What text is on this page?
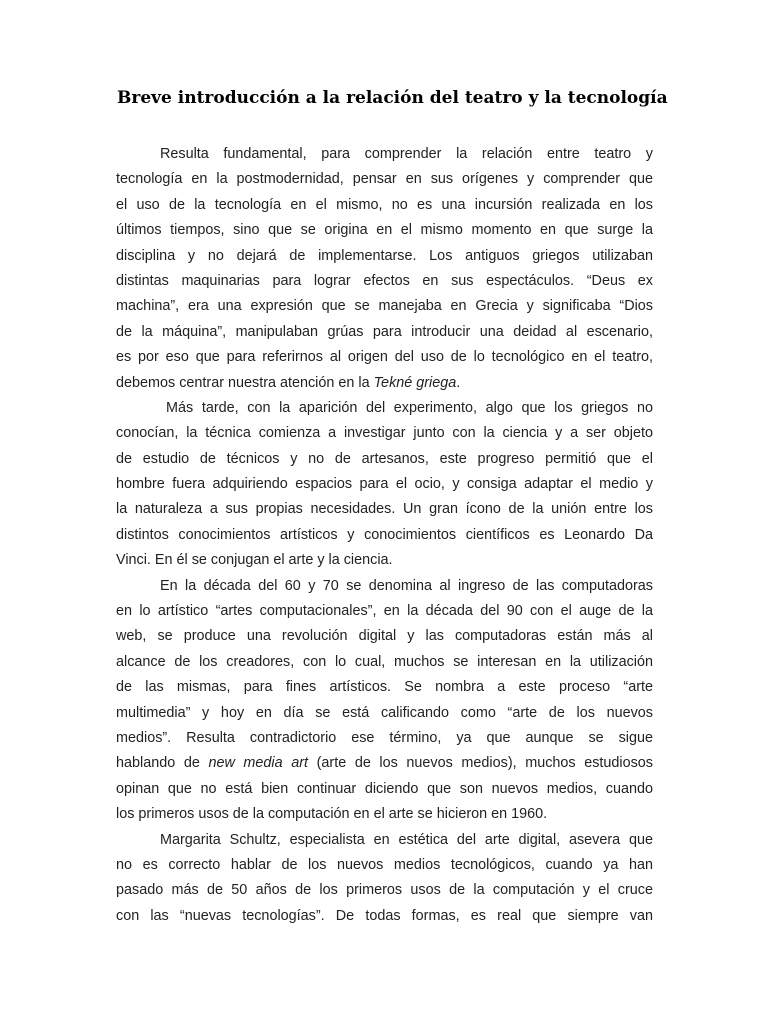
Breve introducción a la relación del teatro y la tecnología

Resulta fundamental, para comprender la relación entre teatro y
tecnología en la postmodernidad, pensar en sus orígenes y comprender que
el uso de la tecnología en el mismo, no es una incursión realizada en los
últimos tiempos, sino que se origina en el mismo momento en que surge la
disciplina y no dejará de implementarse. Los antiguos griegos utilizaban
distintas maquinarias para lograr efectos en sus espectáculos. “Deus ex
machina”, era una expresión que se manejaba en Grecia y significaba “Dios
de la máquina”, manipulaban grúas para introducir una deidad al escenario,
es por eso que para referirnos al origen del uso de lo tecnológico en el teatro,
debemos centrar nuestra atención en la Tekné griega.

Más tarde, con la aparición del experimento, algo que los griegos no
conocían, la técnica comienza a investigar junto con la ciencia y a ser objeto
de estudio de técnicos y no de artesanos, este progreso permitió que el
hombre fuera adquiriendo espacios para el ocio, y consiga adaptar el medio y
la naturaleza a sus propias necesidades. Un gran ícono de la unión entre los
distintos conocimientos artísticos y conocimientos científicos es Leonardo Da
Vinci. En él se conjugan el arte y la ciencia.

En la década del 60 y 70 se denomina al ingreso de las computadoras
en lo artístico “artes computacionales”, en la década del 90 con el auge de la
web, se produce una revolución digital y las computadoras están más al
alcance de los creadores, con lo cual, muchos se interesan en la utilización
de las mismas, para fines artísticos. Se nombra a este proceso “arte
multimedia” y hoy en día se está calificando como “arte de los nuevos
medios”. Resulta contradictorio ese término, ya que aunque se sigue
hablando de new media art (arte de los nuevos medios), muchos estudiosos
opinan que no está bien continuar diciendo que son nuevos medios, cuando
los primeros usos de la computación en el arte se hicieron en 1960.

Margarita Schultz, especialista en estética del arte digital, asevera que
no es correcto hablar de los nuevos medios tecnológicos, cuando ya han
pasado más de 50 años de los primeros usos de la computación y el cruce
con las “nuevas tecnologías”. De todas formas, es real que siempre van
